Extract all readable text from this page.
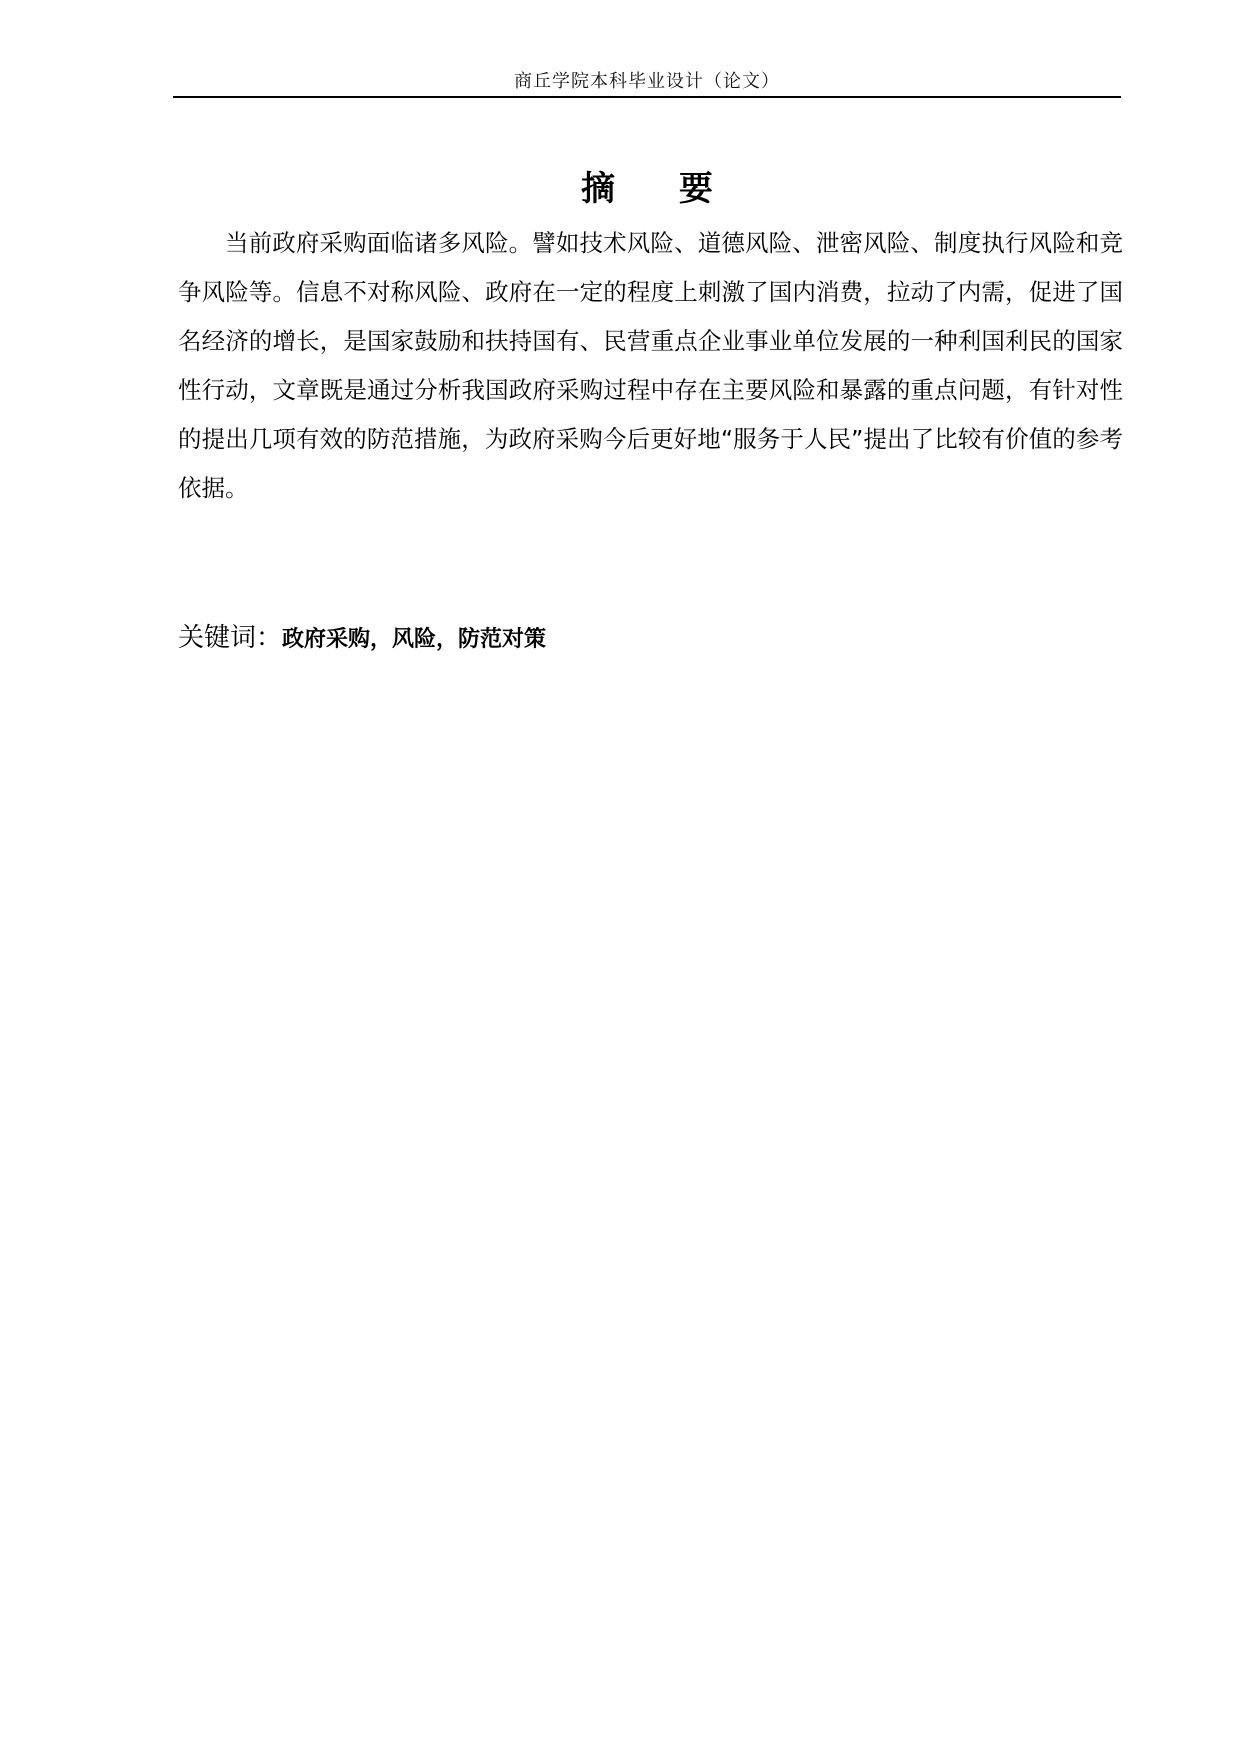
商丘学院本科毕业设计（论文）
摘 要

当前政府采购面临诸多风险。譬如技术风险、道德风险、泄密风险、制度执行风险和竞争风险等。信息不对称风险、政府在一定的程度上刺激了国内消费，拉动了内需，促进了国名经济的增长，是国家鼓励和扶持国有、民营重点企业事业单位发展的一种利国利民的国家性行动，文章既是通过分析我国政府采购过程中存在主要风险和暴露的重点问题，有针对性的提出几项有效的防范措施，为政府采购今后更好地“服务于人民”提出了比较有价值的参考依据。

关键词：政府采购，风险，防范对策
